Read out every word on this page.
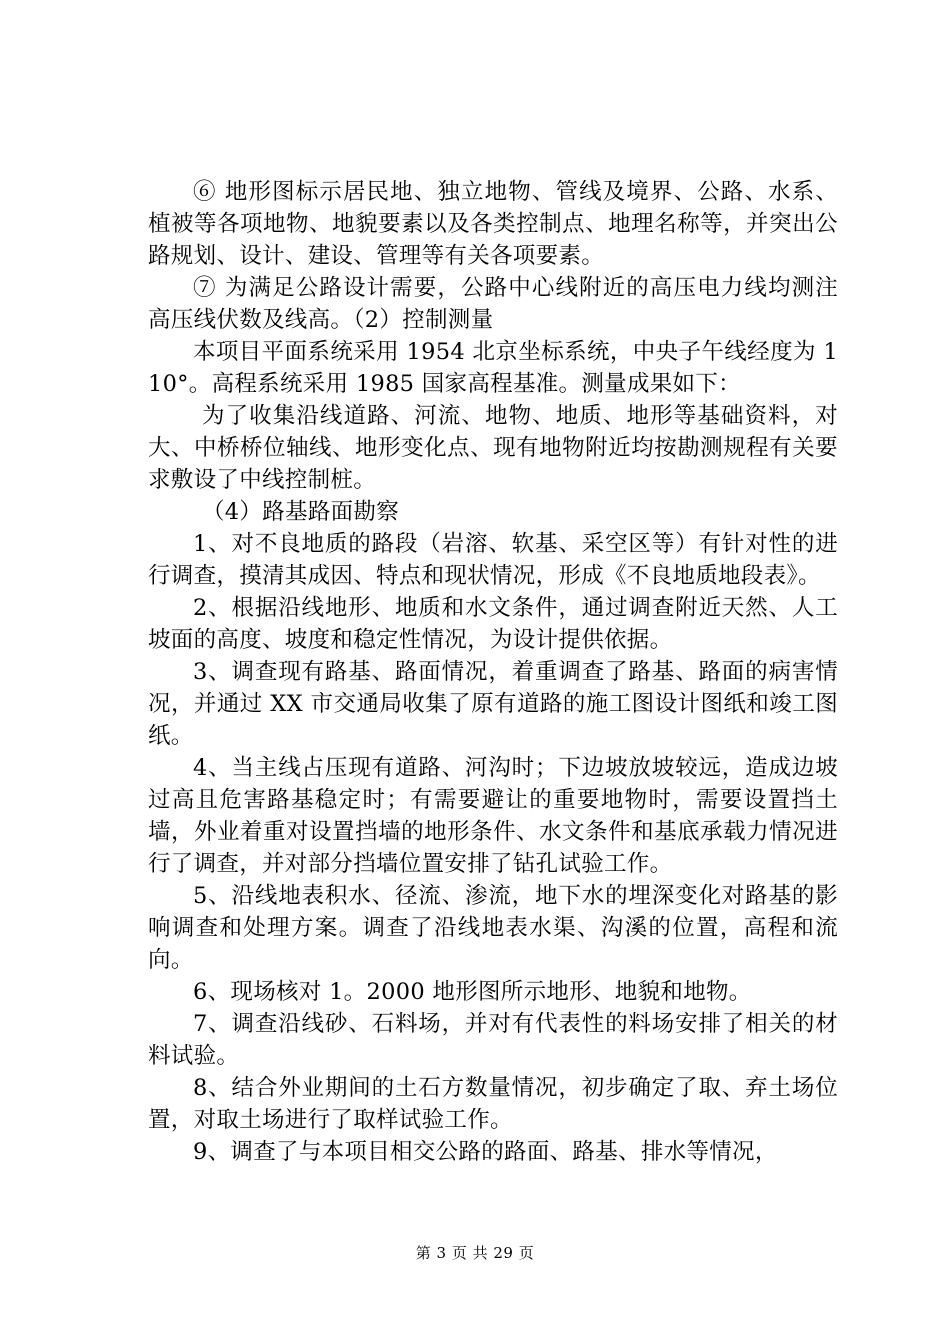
⑥ 地形图标示居民地、独立地物、管线及境界、公路、水系、植被等各项地物、地貌要素以及各类控制点、地理名称等，并突出公路规划、设计、建设、管理等有关各项要素。

⑦ 为满足公路设计需要，公路中心线附近的高压电力线均测注高压线伏数及线高。（2）控制测量

本项目平面系统采用 1954 北京坐标系统，中央子午线经度为 110°。高程系统采用 1985 国家高程基准。测量成果如下：

为了收集沿线道路、河流、地物、地质、地形等基础资料，对大、中桥桥位轴线、地形变化点、现有地物附近均按勘测规程有关要求敷设了中线控制桩。

（4）路基路面勘察

1、对不良地质的路段（岩溶、软基、采空区等）有针对性的进行调查，摸清其成因、特点和现状情况，形成《不良地质地段表》。

2、根据沿线地形、地质和水文条件，通过调查附近天然、人工坡面的高度、坡度和稳定性情况，为设计提供依据。

3、调查现有路基、路面情况，着重调查了路基、路面的病害情况，并通过 XX 市交通局收集了原有道路的施工图设计图纸和竣工图纸。

4、当主线占压现有道路、河沟时；下边坡放坡较远，造成边坡过高且危害路基稳定时；有需要避让的重要地物时，需要设置挡土墙，外业着重对设置挡墙的地形条件、水文条件和基底承载力情况进行了调查，并对部分挡墙位置安排了钻孔试验工作。

5、沿线地表积水、径流、渗流，地下水的埋深变化对路基的影响调查和处理方案。调查了沿线地表水渠、沟溪的位置，高程和流向。

6、现场核对 1。2000 地形图所示地形、地貌和地物。

7、调查沿线砂、石料场，并对有代表性的料场安排了相关的材料试验。

8、结合外业期间的土石方数量情况，初步确定了取、弃土场位置，对取土场进行了取样试验工作。

9、调查了与本项目相交公路的路面、路基、排水等情况，

第 3 页 共 29 页
